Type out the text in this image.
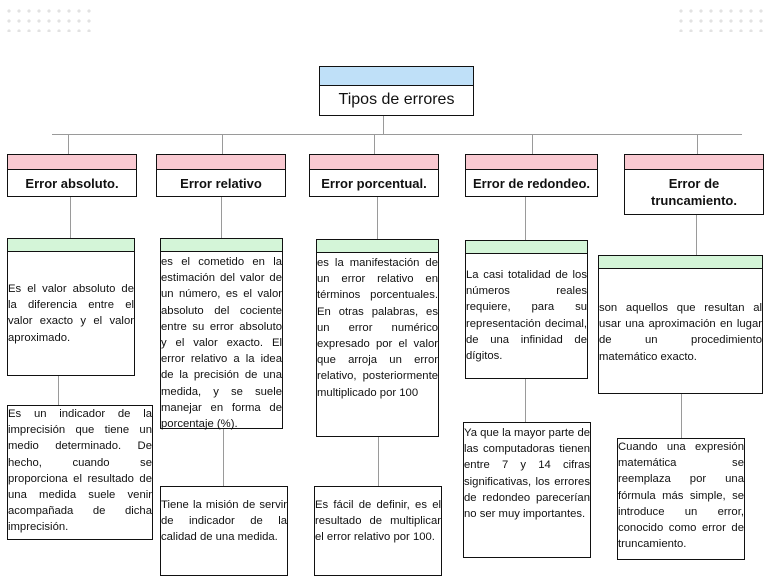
Tipos de errores
Error absoluto.
Es el valor absoluto de la diferencia entre el valor exacto y el valor aproximado.
Es un indicador de la imprecisión que tiene un medio determinado. De hecho, cuando se proporciona el resultado de una medida suele venir acompañada de dicha imprecisión.
Error relativo
es el cometido en la estimación del valor de un número, es el valor absoluto del cociente entre su error absoluto y el valor exacto. El error relativo a la idea de la precisión de una medida, y se suele manejar en forma de porcentaje (%).
Tiene la misión de servir de indicador de la calidad de una medida.
Error porcentual.
es la manifestación de un error relativo en términos porcentuales. En otras palabras, es un error numérico expresado por el valor que arroja un error relativo, posteriormente multiplicado por 100
Es fácil de definir, es el resultado de multiplicar el error relativo por 100.
Error de redondeo.
La casi totalidad de los números reales requiere, para su representación decimal, de una infinidad de dígitos.
Ya que la mayor parte de las computadoras tienen entre 7 y 14 cifras significativas, los errores de redondeo parecerían no ser muy importantes.
Error de truncamiento.
son aquellos que resultan al usar una aproximación en lugar de un procedimiento matemático exacto.
Cuando una expresión matemática se reemplaza por una fórmula más simple, se introduce un error, conocido como error de truncamiento.
